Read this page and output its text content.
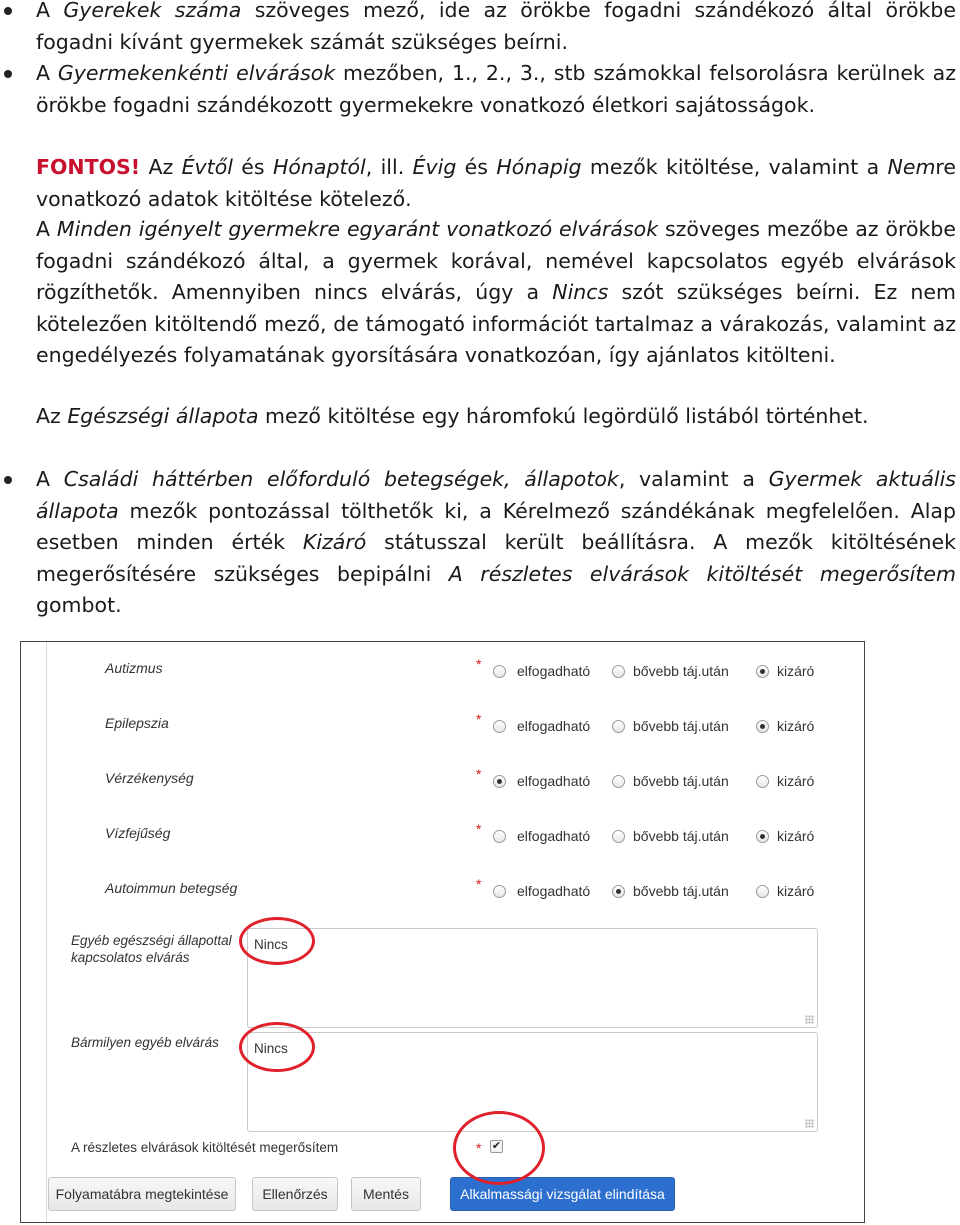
A Gyerekek száma szöveges mező, ide az örökbe fogadni szándékozó által örökbe fogadni kívánt gyermekek számát szükséges beírni.
A Gyermekenkénti elvárások mezőben, 1., 2., 3., stb számokkal felsorolásra kerülnek az örökbe fogadni szándékozott gyermekekre vonatkozó életkori sajátosságok.
FONTOS! Az Évtől és Hónaptól, ill. Évig és Hónapig mezők kitöltése, valamint a Nemre vonatkozó adatok kitöltése kötelező.
A Minden igényelt gyermekre egyaránt vonatkozó elvárások szöveges mezőbe az örökbe fogadni szándékozó által, a gyermek korával, nemével kapcsolatos egyéb elvárások rögzíthetők. Amennyiben nincs elvárás, úgy a Nincs szót szükséges beírni. Ez nem kötelezően kitöltendő mező, de támogató információt tartalmaz a várakozás, valamint az engedélyezés folyamatának gyorsítására vonatkozóan, így ajánlatos kitölteni.
Az Egészségi állapota mező kitöltése egy háromfokú legördülő listából történhet.
A Családi háttérben előforduló betegségek, állapotok, valamint a Gyermek aktuális állapota mezők pontozással tölthetők ki, a Kérelmező szándékának megfelelően. Alap esetben minden érték Kizáró státusszal került beállításra. A mezők kitöltésének megerősítésére szükséges bepipálni A részletes elvárások kitöltését megerősítem gombot.
Autizmus	*	elfogadható	bővebb táj.után	kizáró
Epilepszia	*	elfogadható	bővebb táj.után	kizáró
Vérzékenység	*	elfogadható	bővebb táj.után	kizáró
Vízfejűség	*	elfogadható	bővebb táj.után	kizáró
Autoimmun betegség	*	elfogadható	bővebb táj.után	kizáró
Egyéb egészségi állapottal
kapcsolatos elvárás
Nincs
Bármilyen egyéb elvárás	Nincs
A részletes elvárások kitöltését megerősítem	* ✔
Folyamatábra megtekintése	Ellenőrzés	Mentés	Alkalmassági vizsgálat elindítása
